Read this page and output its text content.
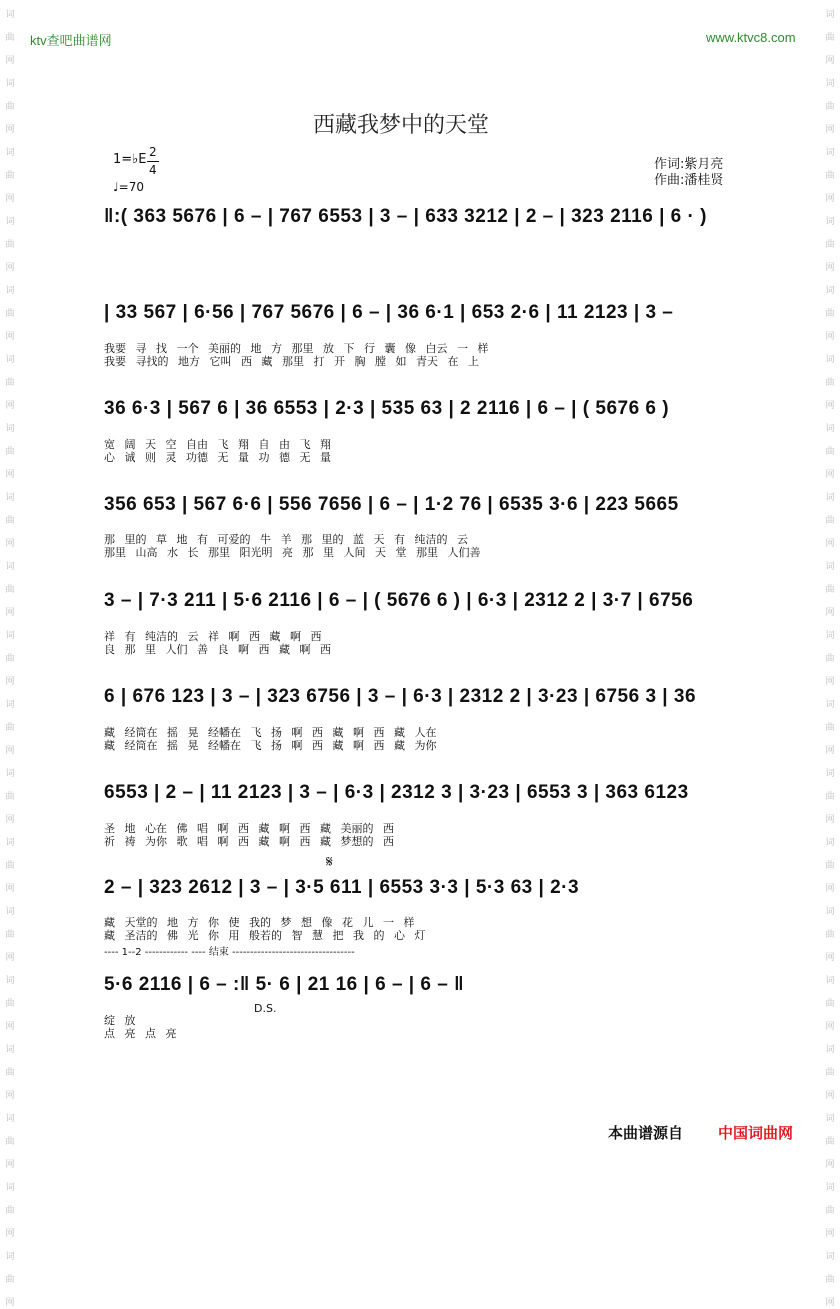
词
曲
网
词
曲
网
词
曲
网
词
曲
网
词
曲
网
词
曲
网
词
曲
网
词
曲
网
词
曲
网
词
曲
网
词
曲
网
词
曲
网
词
曲
网
词
曲
网
词
曲
网
词
曲
网
词
曲
网
词
曲
网
词
曲
网
词
曲
网
词
曲
网
词
曲
网
词
曲
网
词
曲
网
词
曲
网
词
曲
网
词
曲
网
词
曲
网
词
曲
网
词
曲
网
词
曲
网
词
曲
网
词
曲
网
词
曲
网
词
曲
网
词
曲
网
词
曲
网
词
曲
网
ktv查吧曲谱网	www.ktvc8.com
西藏我梦中的天堂
1=♭E 2
4
♩=70
作词:紫月亮
作曲:潘桂贤
‖:( 363 5676 | 6 – | 767 6553 | 3 – | 633 3212 | 2 – | 323 2116 | 6 · )
| 33 567 | 6·56 | 767 5676 | 6 – | 36 6·1 | 653 2·6 | 11 2123 | 3 –
我要 寻 找 一个 美丽的 地 方 那里 放 下 行 囊 像 白云 一 样
我要 寻找的 地方 它叫 西 藏 那里 打 开 胸 膛 如 青天 在 上
36 6·3 | 567 6 | 36 6553 | 2·3 | 535 63 | 2 2116 | 6 – | ( 5676 6 )
宽 阔 天 空 自由 飞 翔 自 由 飞 翔
心 诚 则 灵 功德 无 量 功 德 无 量
356 653 | 567 6·6 | 556 7656 | 6 – | 1·2 76 | 6535 3·6 | 223 5665
那 里的 草 地 有 可爱的 牛 羊 那 里的 蓝 天 有 纯洁的 云
那里 山高 水 长 那里 阳光明 亮 那 里 人间 天 堂 那里 人们善
3 – | 7·3 211 | 5·6 2116 | 6 – | ( 5676 6 ) | 6·3 | 2312 2 | 3·7 | 6756
祥 有 纯洁的 云 祥 啊 西 藏 啊 西
良 那 里 人们 善 良 啊 西 藏 啊 西
6 | 676 123 | 3 – | 323 6756 | 3 – | 6·3 | 2312 2 | 3·23 | 6756 3 | 36
藏 经筒在 摇 晃 经幡在 飞 扬 啊 西 藏 啊 西 藏 人在
藏 经筒在 摇 晃 经幡在 飞 扬 啊 西 藏 啊 西 藏 为你
6553 | 2 – | 11 2123 | 3 – | 6·3 | 2312 3 | 3·23 | 6553 3 | 363 6123
圣 地 心在 佛 唱 啊 西 藏 啊 西 藏 美丽的 西
祈 祷 为你 歌 唱 啊 西 藏 啊 西 藏 梦想的 西
𝄋
2 – | 323 2612 | 3 – | 3·5 611 | 6553 3·3 | 5·3 63 | 2·3
藏 天堂的 地 方 你 使 我的 梦 想 像 花 儿 一 样
藏 圣洁的 佛 光 你 用 般若的 智 慧 把 我 的 心 灯
---- 1--2 ------------ ---- 结束 ----------------------------------
5·6 2116 | 6 – :‖ 5· 6 | 21 16 | 6 – | 6 – ‖
D.S.
绽 放
点 亮 点 亮
本曲谱源自 中国词曲网
